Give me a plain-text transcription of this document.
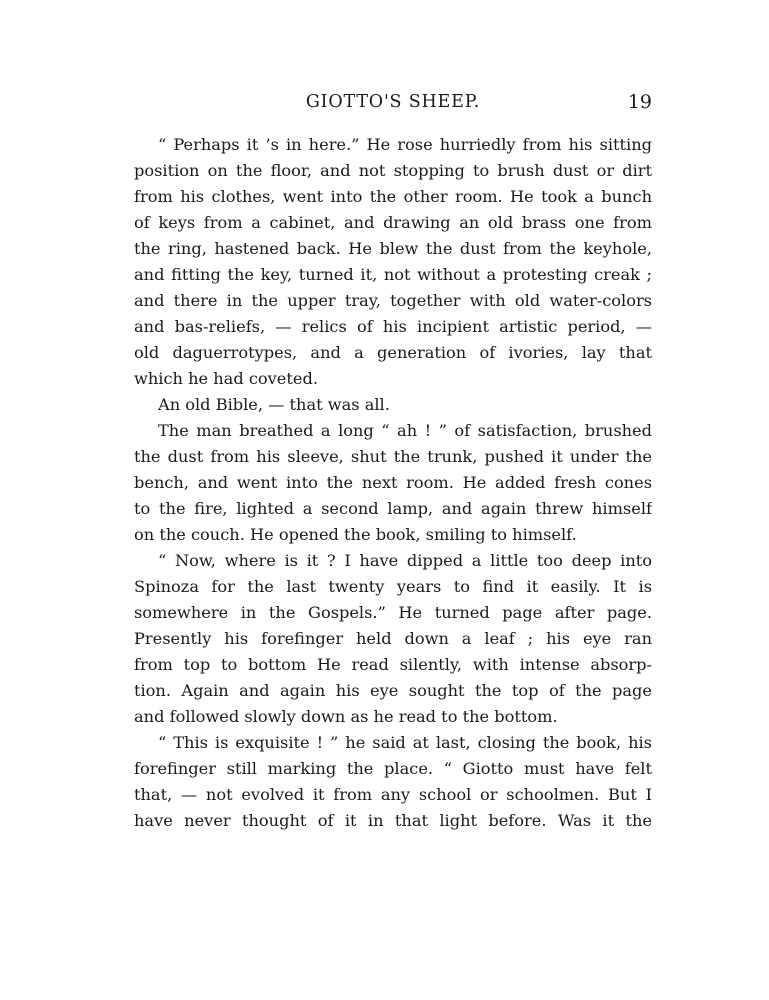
GIOTTO'S SHEEP.	19
“ Perhaps it ’s in here.” He rose hurriedly from his sitting
position on the floor, and not stopping to brush dust or dirt
from his clothes, went into the other room. He took a bunch
of keys from a cabinet, and drawing an old brass one from
the ring, hastened back. He blew the dust from the keyhole,
and fitting the key, turned it, not without a protesting creak ;
and there in the upper tray, together with old water-colors
and bas-reliefs, — relics of his incipient artistic period, —
old daguerrotypes, and a generation of ivories, lay that
which he had coveted.
An old Bible, — that was all.
The man breathed a long “ ah ! ” of satisfaction, brushed
the dust from his sleeve, shut the trunk, pushed it under the
bench, and went into the next room. He added fresh cones
to the fire, lighted a second lamp, and again threw himself
on the couch. He opened the book, smiling to himself.
“ Now, where is it ? I have dipped a little too deep into
Spinoza for the last twenty years to find it easily. It is
somewhere in the Gospels.” He turned page after page.
Presently his forefinger held down a leaf ; his eye ran
from top to bottom He read silently, with intense absorp-
tion. Again and again his eye sought the top of the page
and followed slowly down as he read to the bottom.
“ This is exquisite ! ” he said at last, closing the book, his
forefinger still marking the place. “ Giotto must have felt
that, — not evolved it from any school or schoolmen. But I
have never thought of it in that light before. Was it the
